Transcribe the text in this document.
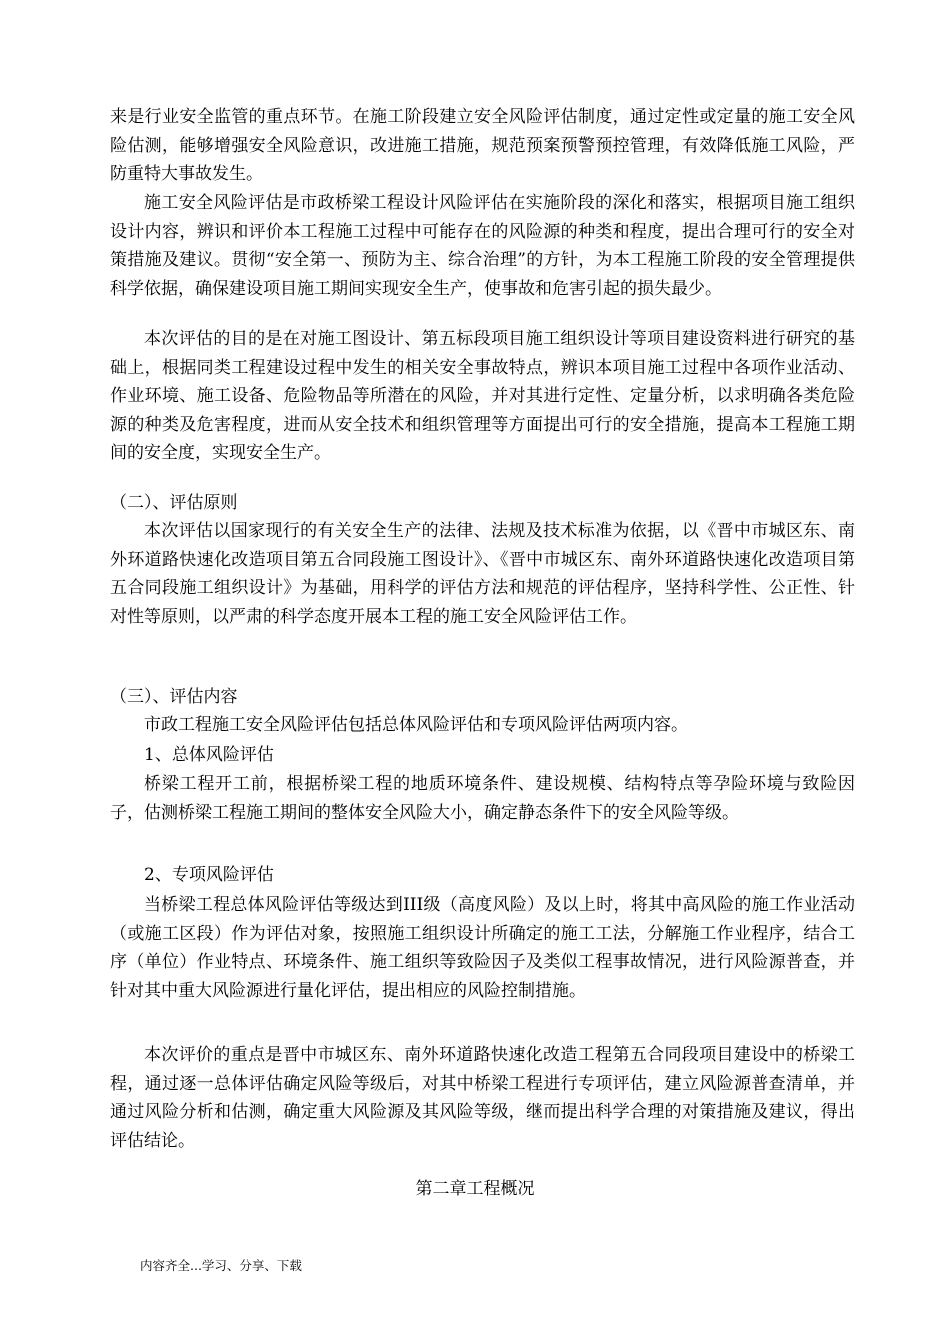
来是行业安全监管的重点环节。在施工阶段建立安全风险评估制度，通过定性或定量的施工安全风险估测，能够增强安全风险意识，改进施工措施，规范预案预警预控管理，有效降低施工风险，严防重特大事故发生。
施工安全风险评估是市政桥梁工程设计风险评估在实施阶段的深化和落实，根据项目施工组织设计内容，辨识和评价本工程施工过程中可能存在的风险源的种类和程度，提出合理可行的安全对策措施及建议。贯彻“安全第一、预防为主、综合治理”的方针，为本工程施工阶段的安全管理提供科学依据，确保建设项目施工期间实现安全生产，使事故和危害引起的损失最少。
本次评估的目的是在对施工图设计、第五标段项目施工组织设计等项目建设资料进行研究的基础上，根据同类工程建设过程中发生的相关安全事故特点，辨识本项目施工过程中各项作业活动、作业环境、施工设备、危险物品等所潜在的风险，并对其进行定性、定量分析，以求明确各类危险源的种类及危害程度，进而从安全技术和组织管理等方面提出可行的安全措施，提高本工程施工期间的安全度，实现安全生产。
（二）、评估原则
本次评估以国家现行的有关安全生产的法律、法规及技术标准为依据，以《晋中市城区东、南外环道路快速化改造项目第五合同段施工图设计》、《晋中市城区东、南外环道路快速化改造项目第五合同段施工组织设计》为基础，用科学的评估方法和规范的评估程序，坚持科学性、公正性、针对性等原则，以严肃的科学态度开展本工程的施工安全风险评估工作。
（三）、评估内容
市政工程施工安全风险评估包括总体风险评估和专项风险评估两项内容。
1、总体风险评估
桥梁工程开工前，根据桥梁工程的地质环境条件、建设规模、结构特点等孕险环境与致险因子，估测桥梁工程施工期间的整体安全风险大小，确定静态条件下的安全风险等级。
2、专项风险评估
当桥梁工程总体风险评估等级达到III级（高度风险）及以上时，将其中高风险的施工作业活动（或施工区段）作为评估对象，按照施工组织设计所确定的施工工法，分解施工作业程序，结合工序（单位）作业特点、环境条件、施工组织等致险因子及类似工程事故情况，进行风险源普查，并针对其中重大风险源进行量化评估，提出相应的风险控制措施。
本次评价的重点是晋中市城区东、南外环道路快速化改造工程第五合同段项目建设中的桥梁工程，通过逐一总体评估确定风险等级后，对其中桥梁工程进行专项评估，建立风险源普查清单，并通过风险分析和估测，确定重大风险源及其风险等级，继而提出科学合理的对策措施及建议，得出评估结论。
第二章工程概况
内容齐全...学习、分享、下载
